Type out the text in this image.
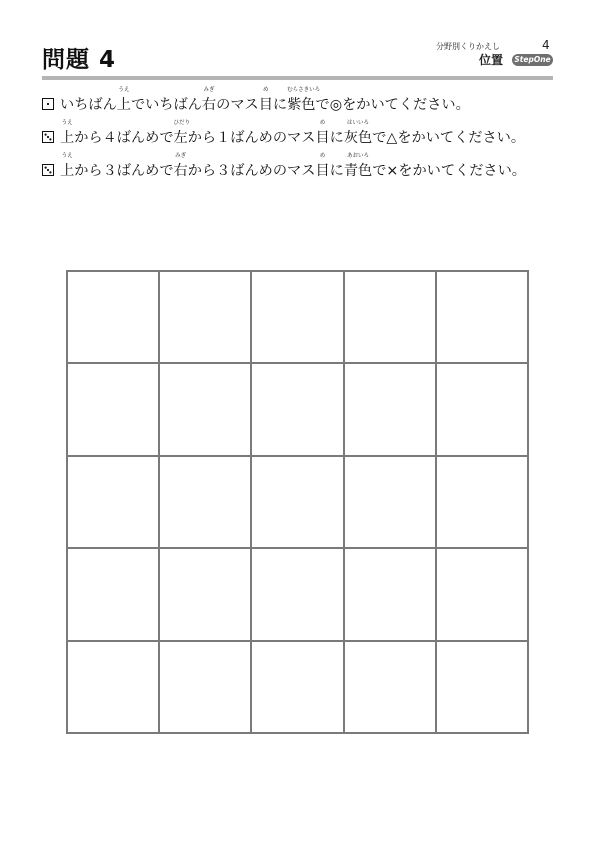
問題 4
分野別くりかえし	4
位置	StepOne
いちばん 上
うえ
でいちばん 右
みぎ
のマス 目
め
に 紫色
むらさきいろ
で◎をかいてください。
上
うえ
から４ばんめで 左
ひだり
から１ばんめのマス 目
め
に 灰色
はいいろ
で△をかいてください。
上
うえ
から３ばんめで 右
みぎ
から３ばんめのマス 目
め
に 青色
あおいろ
で×をかいてください。
